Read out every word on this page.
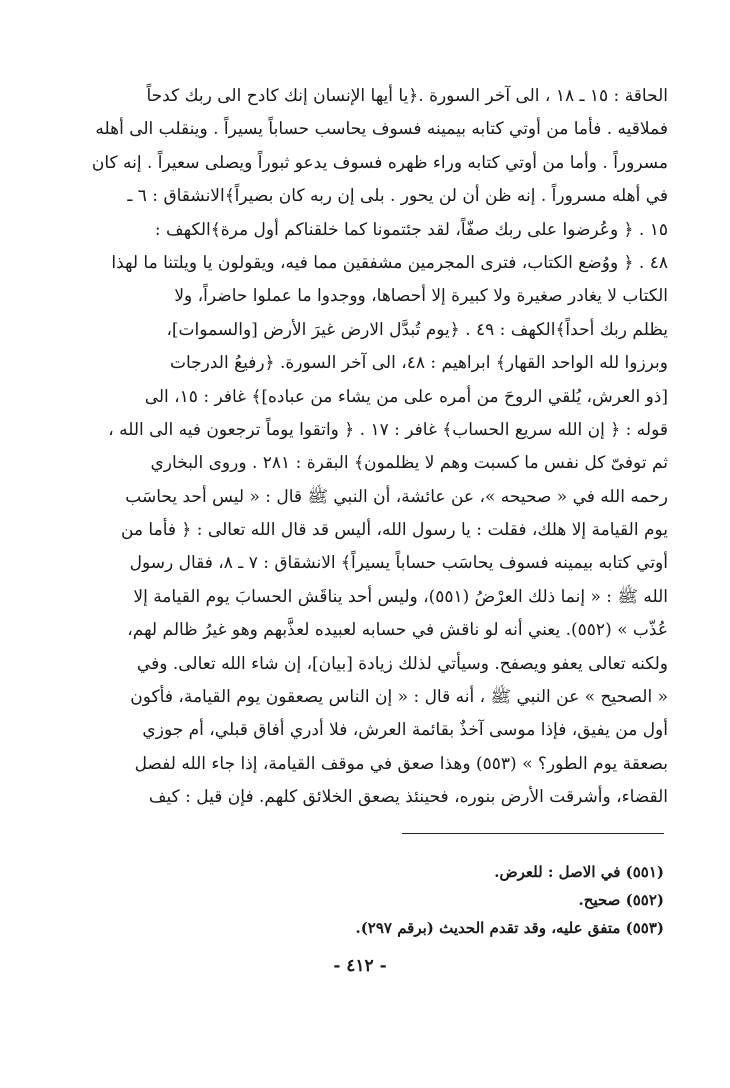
الحاقة : ١٥ ـ ١٨ ، الى آخر السورة .﴿يا أيها الإنسان إنك كادح الى ربك كدحاً
فملاقيه . فأما من أوتي كتابه بيمينه فسوف يحاسب حساباً يسيراً . وينقلب الى أهله
مسروراً . وأما من أوتي كتابه وراء ظهره فسوف يدعو ثبوراً ويصلى سعيراً . إنه كان
في أهله مسروراً . إنه ظن أن لن يحور . بلى إن ربه كان بصيراً﴾الانشقاق : ٦ ـ
١٥ . ﴿ وعُرضوا على ربك صفّاً، لقد جئتمونا كما خلقناكم أول مرة﴾الكهف :
٤٨ . ﴿ ووُضع الكتاب، فترى المجرمين مشفقين مما فيه، ويقولون يا ويلتنا ما لهذا
الكتاب لا يغادر صغيرة ولا كبيرة إلا أحصاها، ووجدوا ما عملوا حاضراً، ولا
يظلم ربك أحداً﴾الكهف : ٤٩ . ﴿يوم تُبدَّل الارض غيرَ الأرض [والسموات]،
وبرزوا لله الواحد القهار﴾ ابراهيم : ٤٨، الى آخر السورة. ﴿رفيعُ الدرجات
[ذو العرش، يُلقي الروحَ من أمره على من يشاء من عباده]﴾ غافر : ١٥، الى
قوله : ﴿ إن الله سريع الحساب﴾ غافر : ١٧ . ﴿ واتقوا يوماً ترجعون فيه الى الله ،
ثم توفىّ كل نفس ما كسبت وهم لا يظلمون﴾ البقرة : ٢٨١ . وروى البخاري
رحمه الله في « صحيحه »، عن عائشة، أن النبي ﷺ قال : « ليس أحد يحاسَب
يوم القيامة إلا هلك، فقلت : يا رسول الله، أليس قد قال الله تعالى : ﴿ فأما من
أوتي كتابه بيمينه فسوف يحاسَب حساباً يسيراً﴾ الانشقاق : ٧ ـ ٨، فقال رسول
الله ﷺ : « إنما ذلك العرْضُ (٥٥١)، وليس أحد يناقَش الحسابَ يوم القيامة إلا
عُذّب » (٥٥٢). يعني أنه لو ناقش في حسابه لعبيده لعذَّبهم وهو غيرُ ظالم لهم،
ولكنه تعالى يعفو ويصفح. وسيأتي لذلك زيادة [بيان]، إن شاء الله تعالى. وفي
« الصحيح » عن النبي ﷺ ، أنه قال : « إن الناس يصعقون يوم القيامة، فأكون
أول من يفيق، فإذا موسى آخذٌ بقائمة العرش، فلا أدري أفاق قبلي، أم جوزي
بصعقة يوم الطور؟ » (٥٥٣) وهذا صعق في موقف القيامة، إذا جاء الله لفصل
القضاء، وأشرقت الأرض بنوره، فحينئذ يصعق الخلائق كلهم. فإن قيل : كيف
(٥٥١) في الاصل : للعرض.
(٥٥٢) صحيح.
(٥٥٣) متفق عليه، وقد تقدم الحديث (برقم ٢٩٧).
- ٤١٢ -
